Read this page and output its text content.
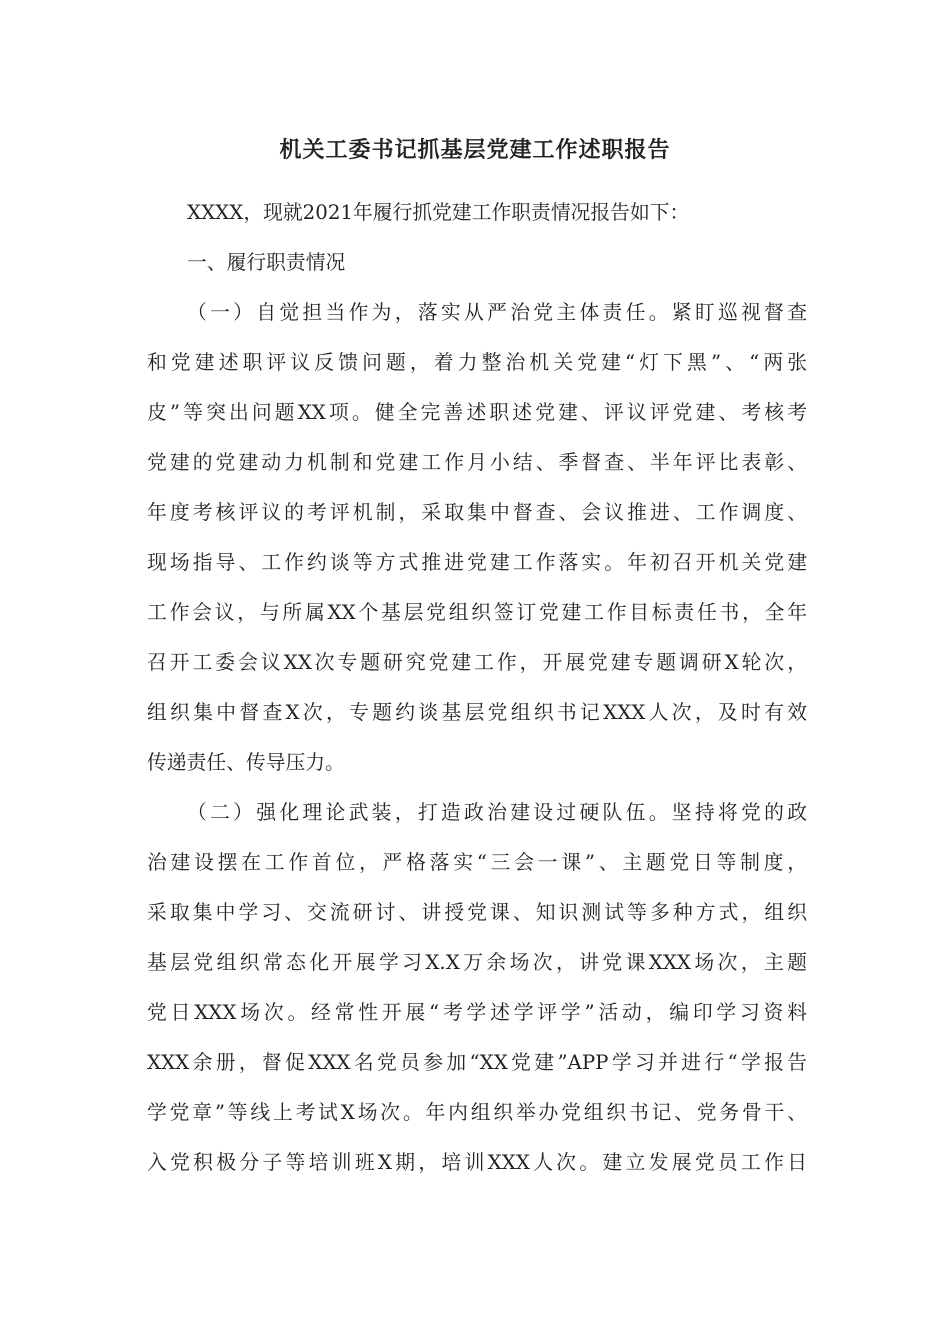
机关工委书记抓基层党建工作述职报告
XXXX，现就2021年履行抓党建工作职责情况报告如下：
一、履行职责情况
（一）自觉担当作为，落实从严治党主体责任。紧盯巡视督查
和党建述职评议反馈问题，着力整治机关党建“灯下黑”、“两张
皮”等突出问题XX项。健全完善述职述党建、评议评党建、考核考
党建的党建动力机制和党建工作月小结、季督查、半年评比表彰、
年度考核评议的考评机制，采取集中督查、会议推进、工作调度、
现场指导、工作约谈等方式推进党建工作落实。年初召开机关党建
工作会议，与所属XX个基层党组织签订党建工作目标责任书，全年
召开工委会议XX次专题研究党建工作，开展党建专题调研X轮次，
组织集中督查X次，专题约谈基层党组织书记XXX人次，及时有效
传递责任、传导压力。
（二）强化理论武装，打造政治建设过硬队伍。坚持将党的政
治建设摆在工作首位，严格落实“三会一课”、主题党日等制度，
采取集中学习、交流研讨、讲授党课、知识测试等多种方式，组织
基层党组织常态化开展学习X.X万余场次，讲党课XXX场次，主题
党日XXX场次。经常性开展“考学述学评学”活动，编印学习资料
XXX余册，督促XXX名党员参加“XX党建”APP学习并进行“学报告
学党章”等线上考试X场次。年内组织举办党组织书记、党务骨干、
入党积极分子等培训班X期，培训XXX人次。建立发展党员工作日
